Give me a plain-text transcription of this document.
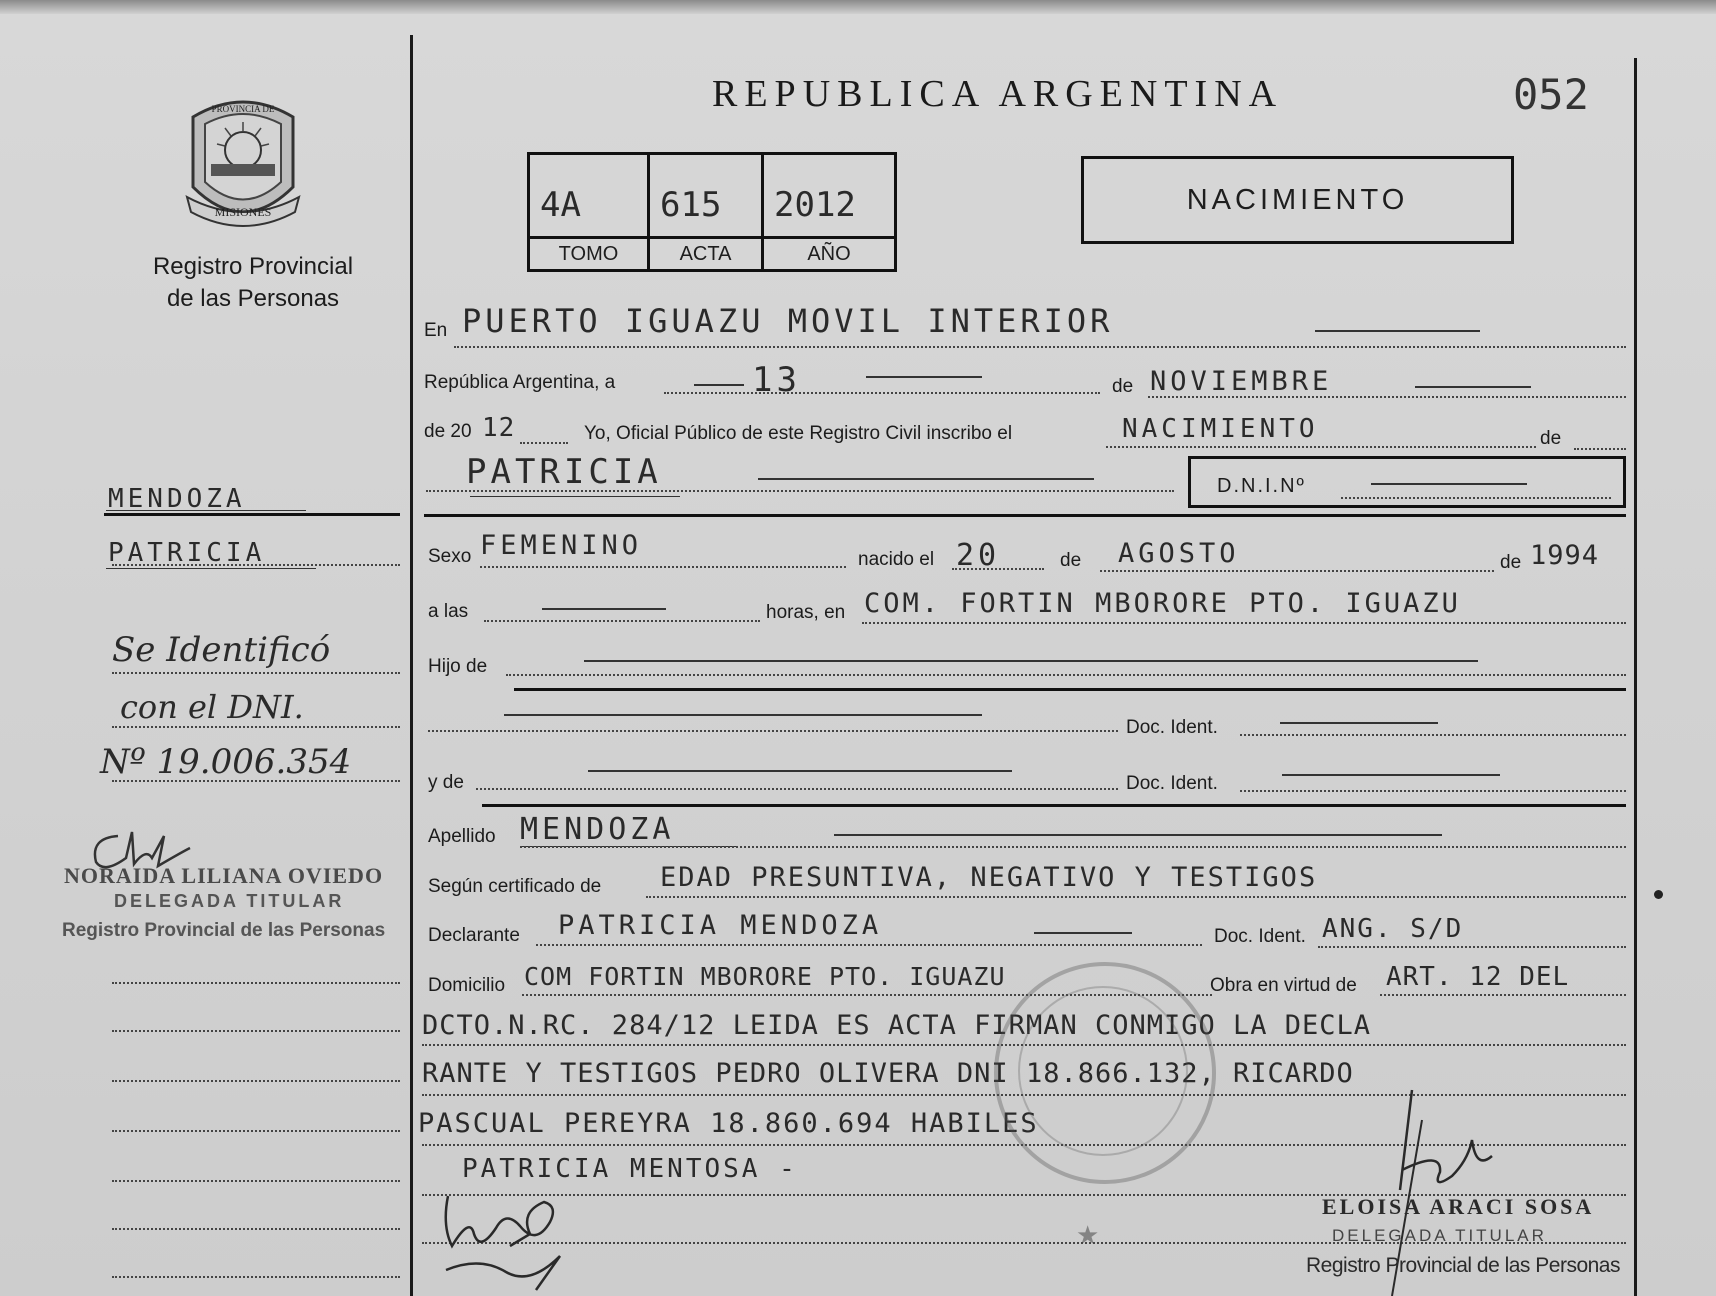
REPUBLICA ARGENTINA	052
4A
TOMO
615
ACTA
2012
AÑO
NACIMIENTO
PROVINCIA DE
MISIONES
Registro Provincial
de las Personas
MENDOZA
PATRICIA
Se Identificó
con el DNI.
Nº 19.006.354
NORAIDA LILIANA OVIEDO
DELEGADA TITULAR
Registro Provincial de las Personas
En PUERTO IGUAZU MOVIL INTERIOR
República Argentina, a	13	de NOVIEMBRE
de 20 12	Yo, Oficial Público de este Registro Civil inscribo el	NACIMIENTO	de
PATRICIA	D.N.I.Nº
Sexo FEMENINO	nacido el 20	de AGOSTO	de 1994
a las	horas, en COM. FORTIN MBORORE PTO. IGUAZU
Hijo de
Doc. Ident.
y de	Doc. Ident.
Apellido MENDOZA
Según certificado de EDAD PRESUNTIVA, NEGATIVO Y TESTIGOS
Declarante PATRICIA MENDOZA	Doc. Ident. ANG. S/D
Domicilio COM FORTIN MBORORE PTO. IGUAZU	Obra en virtud de ART. 12 DEL
DCTO.N.RC. 284/12 LEIDA ES ACTA FIRMAN CONMIGO LA DECLA
RANTE Y TESTIGOS PEDRO OLIVERA DNI 18.866.132, RICARDO
PASCUAL PEREYRA 18.860.694 HABILES
PATRICIA MENTOSA -
★
ELOISA ARACI SOSA
DELEGADA TITULAR
Registro Provincial de las Personas
